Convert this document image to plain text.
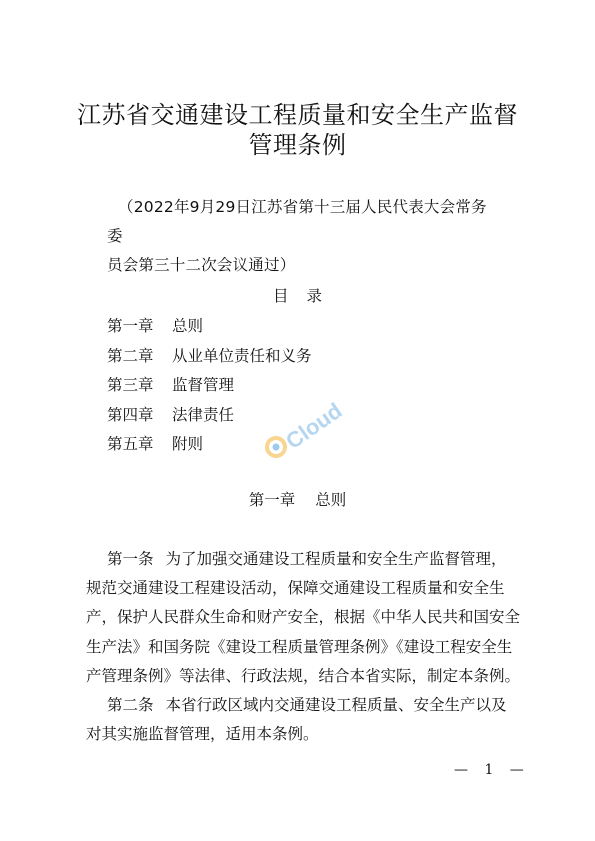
江苏省交通建设工程质量和安全生产监督
管理条例
（2022年9月29日江苏省第十三届人民代表大会常务委
员会第三十二次会议通过）
目录
第一章	总则
第二章	从业单位责任和义务
第三章	监督管理
第四章	法律责任
第五章	附则
第一章 总则

第一条 为了加强交通建设工程质量和安全生产监督管理，
规范交通建设工程建设活动，保障交通建设工程质量和安全生
产，保护人民群众生命和财产安全，根据《中华人民共和国安全
生产法》和国务院《建设工程质量管理条例》《建设工程安全生
产管理条例》等法律、行政法规，结合本省实际，制定本条例。

第二条 本省行政区域内交通建设工程质量、安全生产以及
对其实施监督管理，适用本条例。

— 1 —
Cloud
